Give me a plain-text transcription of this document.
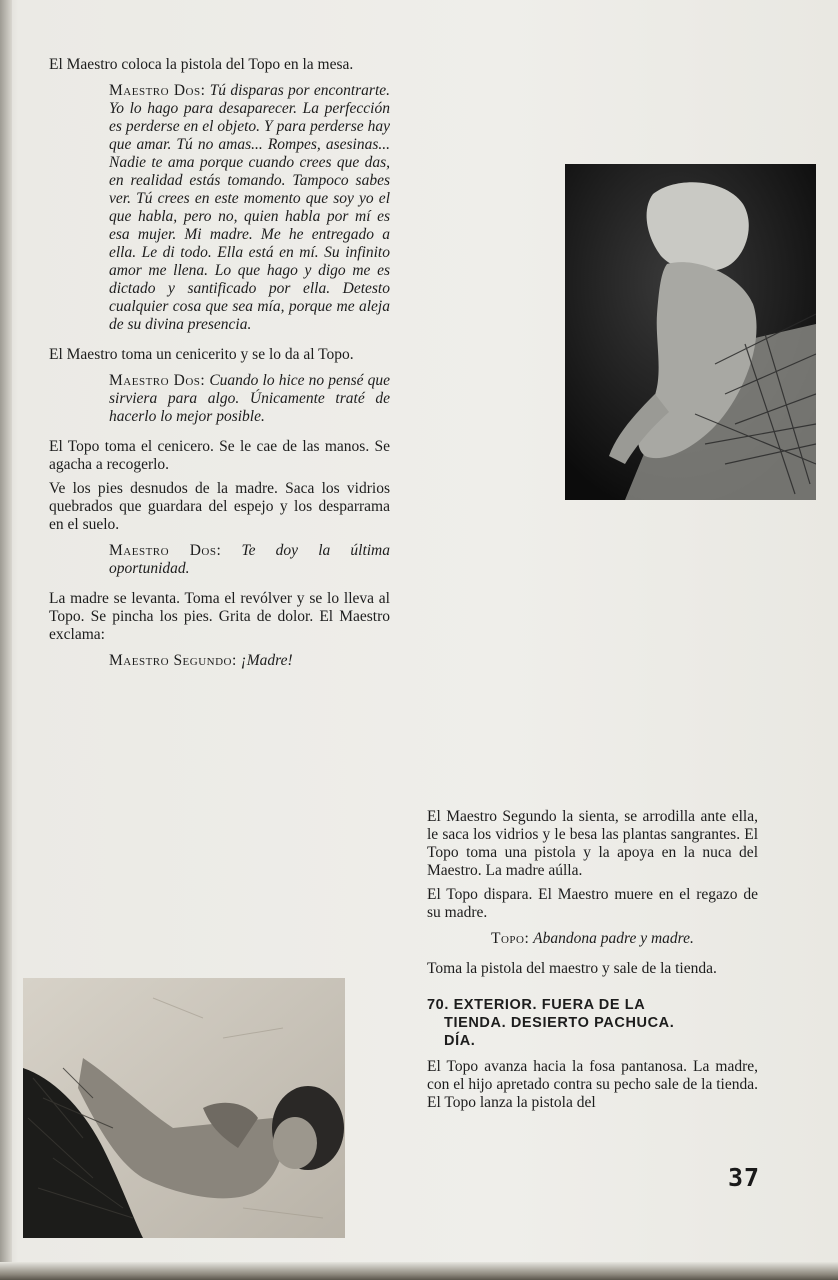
El Maestro coloca la pistola del Topo en la mesa.

Maestro Dos: Tú disparas por encontrarte. Yo lo hago para desaparecer. La perfección es perderse en el objeto. Y para perderse hay que amar. Tú no amas... Rompes, asesinas... Nadie te ama porque cuando crees que das, en realidad estás tomando. Tampoco sabes ver. Tú crees en este momento que soy yo el que habla, pero no, quien habla por mí es esa mujer. Mi madre. Me he entregado a ella. Le di todo. Ella está en mí. Su infinito amor me llena. Lo que hago y digo me es dictado y santificado por ella. Detesto cualquier cosa que sea mía, porque me aleja de su divina presencia.

El Maestro toma un cenicerito y se lo da al Topo.

Maestro Dos: Cuando lo hice no pensé que sirviera para algo. Únicamente traté de hacerlo lo mejor posible.

El Topo toma el cenicero. Se le cae de las manos. Se agacha a recogerlo.

Ve los pies desnudos de la madre. Saca los vidrios quebrados que guardara del espejo y los desparrama en el suelo.

Maestro Dos: Te doy la última oportunidad.

La madre se levanta. Toma el revólver y se lo lleva al Topo. Se pincha los pies. Grita de dolor. El Maestro exclama:

Maestro Segundo: ¡Madre!

El Maestro Segundo la sienta, se arrodilla ante ella, le saca los vidrios y le besa las plantas sangrantes. El Topo toma una pistola y la apoya en la nuca del Maestro. La madre aúlla.

El Topo dispara. El Maestro muere en el regazo de su madre.

Topo: Abandona padre y madre.

Toma la pistola del maestro y sale de la tienda.

70. EXTERIOR. FUERA DE LA
TIENDA. DESIERTO PACHUCA.
DÍA.

El Topo avanza hacia la fosa pantanosa. La madre, con el hijo apretado contra su pecho sale de la tienda. El Topo lanza la pistola del

37
